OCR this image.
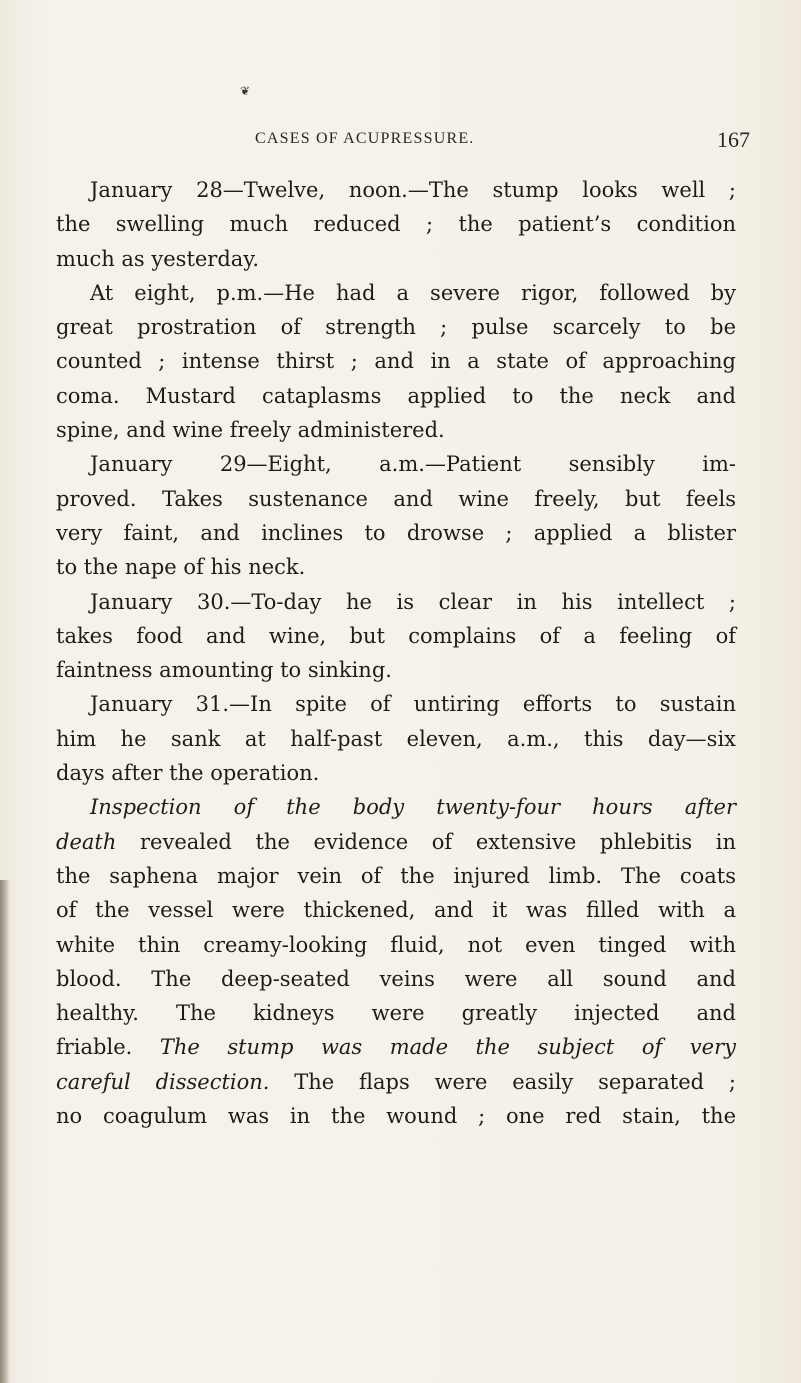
❦
CASES OF ACUPRESSURE.	167
January 28—Twelve, noon.—The stump looks well ;
the swelling much reduced ; the patient’s condition
much as yesterday.
At eight, p.m.—He had a severe rigor, followed by
great prostration of strength ; pulse scarcely to be
counted ; intense thirst ; and in a state of approaching
coma. Mustard cataplasms applied to the neck and
spine, and wine freely administered.
January 29—Eight, a.m.—Patient sensibly im-
proved. Takes sustenance and wine freely, but feels
very faint, and inclines to drowse ; applied a blister
to the nape of his neck.
January 30.—To-day he is clear in his intellect ;
takes food and wine, but complains of a feeling of
faintness amounting to sinking.
January 31.—In spite of untiring efforts to sustain
him he sank at half-past eleven, a.m., this day—six
days after the operation.
Inspection of the body twenty-four hours after
death revealed the evidence of extensive phlebitis in
the saphena major vein of the injured limb. The coats
of the vessel were thickened, and it was filled with a
white thin creamy-looking fluid, not even tinged with
blood. The deep-seated veins were all sound and
healthy. The kidneys were greatly injected and
friable. The stump was made the subject of very
careful dissection. The flaps were easily separated ;
no coagulum was in the wound ; one red stain, the
